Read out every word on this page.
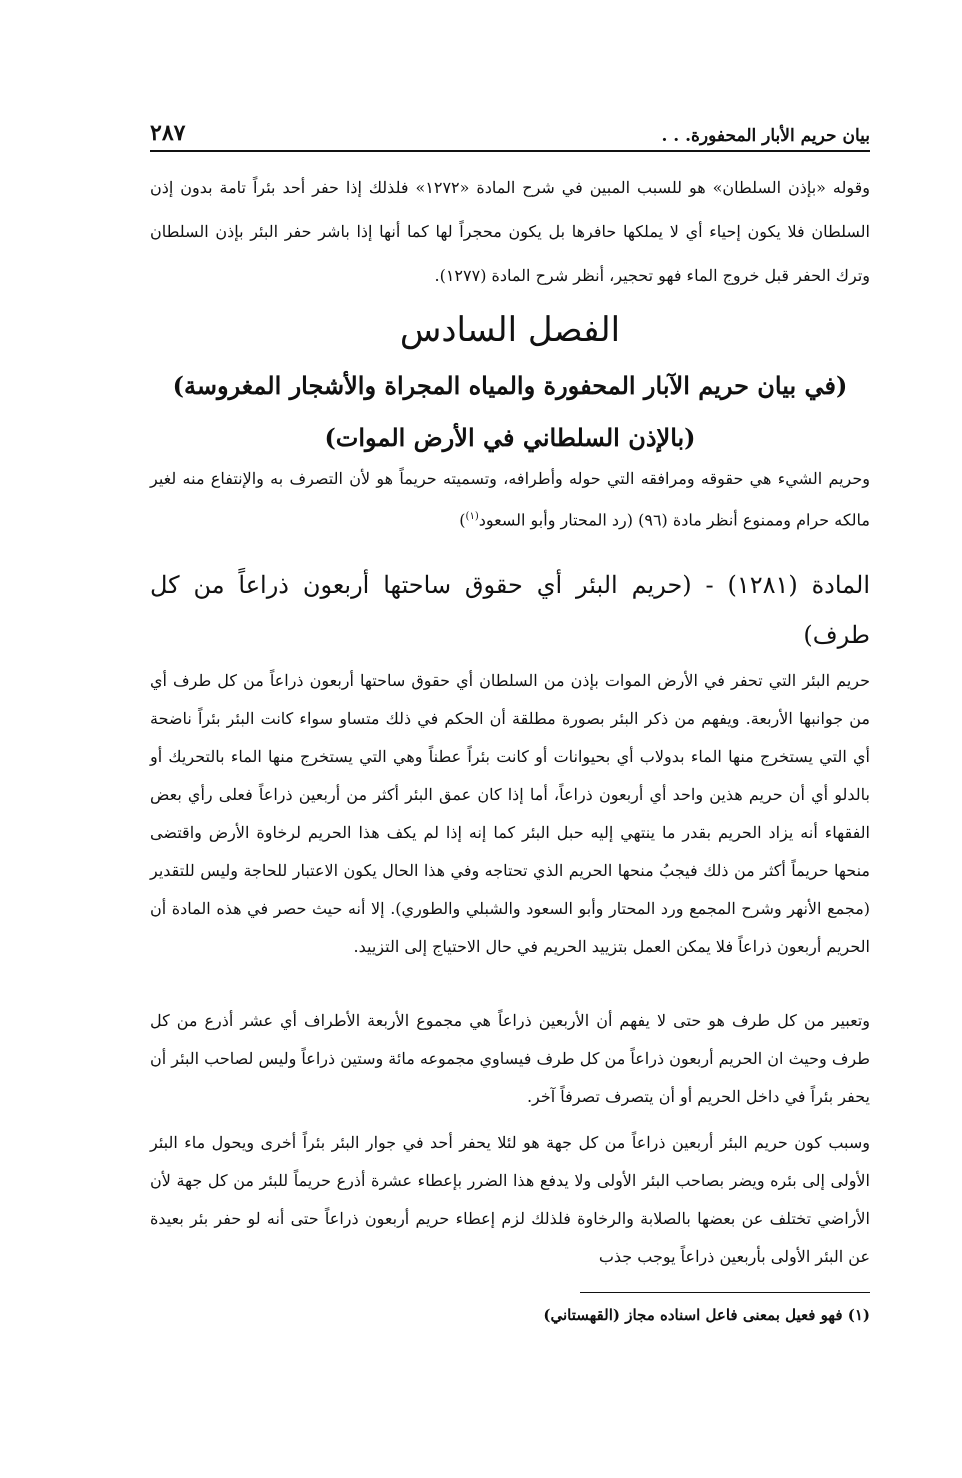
بيان حريم الأبار المحفورة. . .
٢٨٧

وقوله «بإذن السلطان» هو للسبب المبين في شرح المادة «١٢٧٢» فلذلك إذا حفر أحد بئراً تامة بدون إذن السلطان فلا يكون إحياء أي لا يملكها حافرها بل يكون محجراً لها كما أنها إذا باشر حفر البئر بإذن السلطان وترك الحفر قبل خروج الماء فهو تحجير، أنظر شرح المادة (١٢٧٧).

الفصل السادس
(في بيان حريم الآبار المحفورة والمياه المجراة والأشجار المغروسة)
(بالإذن السلطاني في الأرض الموات)

وحريم الشيء هي حقوقه ومرافقه التي حوله وأطرافه، وتسميته حريماً هو لأن التصرف به والإنتفاع منه لغير مالكه حرام وممنوع أنظر مادة (٩٦) (رد المحتار وأبو السعود$^{(١)}$)

المادة (١٢٨١) - (حريم البئر أي حقوق ساحتها أربعون ذراعاً من كل طرف)

حريم البئر التي تحفر في الأرض الموات بإذن من السلطان أي حقوق ساحتها أربعون ذراعاً من كل طرف أي من جوانبها الأربعة. ويفهم من ذكر البئر بصورة مطلقة أن الحكم في ذلك متساو سواء كانت البئر بئراً ناضحة أي التي يستخرج منها الماء بدولاب أي بحيوانات أو كانت بئراً عطناً وهي التي يستخرج منها الماء بالتحريك أو بالدلو أي أن حريم هذين واحد أي أربعون ذراعاً، أما إذا كان عمق البئر أكثر من أربعين ذراعاً فعلى رأي بعض الفقهاء أنه يزاد الحريم بقدر ما ينتهي إليه حبل البئر كما إنه إذا لم يكف هذا الحريم لرخاوة الأرض واقتضى منحها حريماً أكثر من ذلك فيجبُ منحها الحريم الذي تحتاجه وفي هذا الحال يكون الاعتبار للحاجة وليس للتقدير (مجمع الأنهر وشرح المجمع ورد المحتار وأبو السعود والشبلي والطوري). إلا أنه حيث حصر في هذه المادة أن الحريم أربعون ذراعاً فلا يمكن العمل بتزييد الحريم في حال الاحتياج إلى التزييد.

وتعبير من كل طرف هو حتى لا يفهم أن الأربعين ذراعاً هي مجموع الأربعة الأطراف أي عشر أذرع من كل طرف وحيث ان الحريم أربعون ذراعاً من كل طرف فيساوي مجموعه مائة وستين ذراعاً وليس لصاحب البئر أن يحفر بئراً في داخل الحريم أو أن يتصرف تصرفاً آخر.

وسبب كون حريم البئر أربعين ذراعاً من كل جهة هو لئلا يحفر أحد في جوار البئر بئراً أخرى ويحول ماء البئر الأولى إلى بئره ويضر بصاحب البئر الأولى ولا يدفع هذا الضرر بإعطاء عشرة أذرع حريماً للبئر من كل جهة لأن الأراضي تختلف عن بعضها بالصلابة والرخاوة فلذلك لزم إعطاء حريم أربعون ذراعاً حتى أنه لو حفر بئر بعيدة عن البئر الأولى بأربعين ذراعاً يوجب جذب

(١) فهو فعيل بمعنى فاعل اسناده مجاز (القهستاني)
